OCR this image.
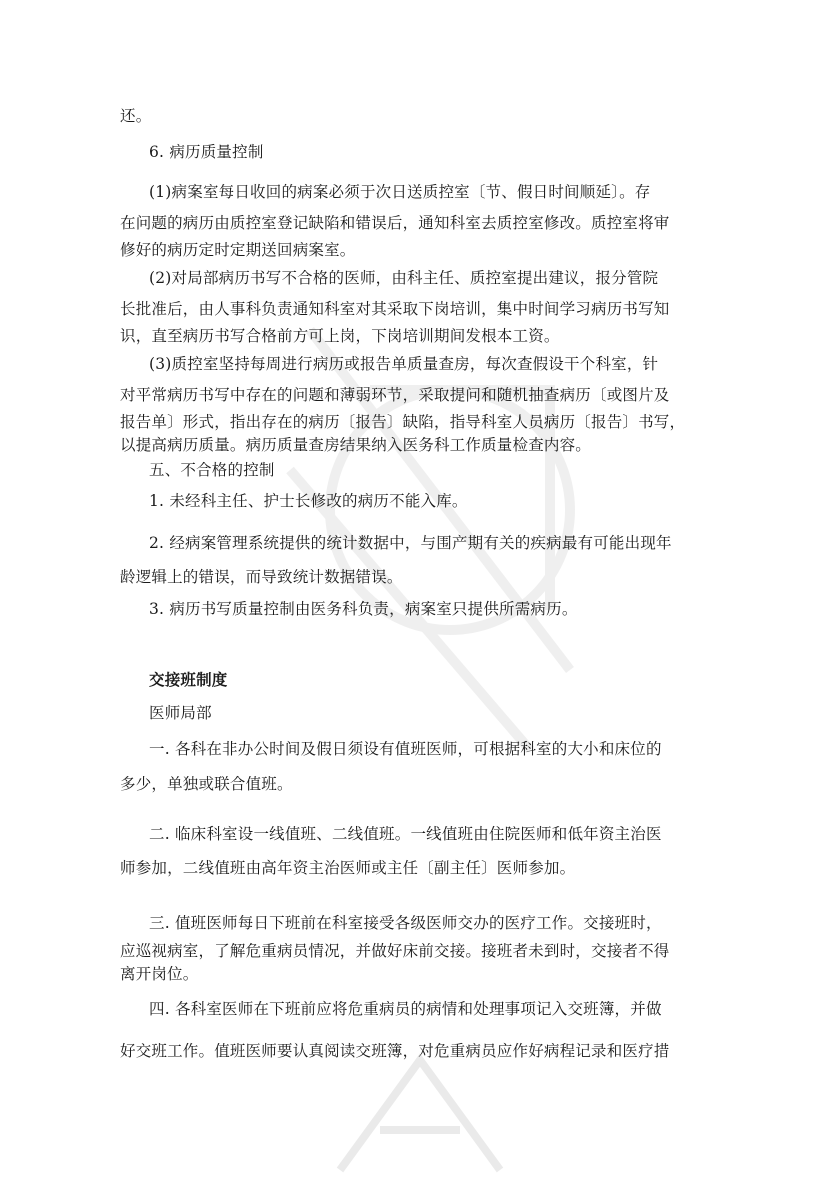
还。
6. 病历质量控制
(1)病案室每日收回的病案必须于次日送质控室〔节、假日时间顺延〕。存
在问题的病历由质控室登记缺陷和错误后，通知科室去质控室修改。质控室将审
修好的病历定时定期送回病案室。
(2)对局部病历书写不合格的医师，由科主任、质控室提出建议，报分管院
长批准后，由人事科负责通知科室对其采取下岗培训，集中时间学习病历书写知
识，直至病历书写合格前方可上岗，下岗培训期间发根本工资。
(3)质控室坚持每周进行病历或报告单质量查房，每次查假设干个科室，针
对平常病历书写中存在的问题和薄弱环节，采取提问和随机抽查病历〔或图片及
报告单〕形式，指出存在的病历〔报告〕缺陷，指导科室人员病历〔报告〕书写，
以提高病历质量。病历质量查房结果纳入医务科工作质量检查内容。
五、不合格的控制
1. 未经科主任、护士长修改的病历不能入库。
2. 经病案管理系统提供的统计数据中，与围产期有关的疾病最有可能出现年
龄逻辑上的错误，而导致统计数据错误。
3. 病历书写质量控制由医务科负责，病案室只提供所需病历。
交接班制度
医师局部
一. 各科在非办公时间及假日须设有值班医师，可根据科室的大小和床位的
多少，单独或联合值班。
二. 临床科室设一线值班、二线值班。一线值班由住院医师和低年资主治医
师参加，二线值班由高年资主治医师或主任〔副主任〕医师参加。
三. 值班医师每日下班前在科室接受各级医师交办的医疗工作。交接班时，
应巡视病室，了解危重病员情况，并做好床前交接。接班者未到时，交接者不得
离开岗位。
四. 各科室医师在下班前应将危重病员的病情和处理事项记入交班簿，并做
好交班工作。值班医师要认真阅读交班簿，对危重病员应作好病程记录和医疗措
